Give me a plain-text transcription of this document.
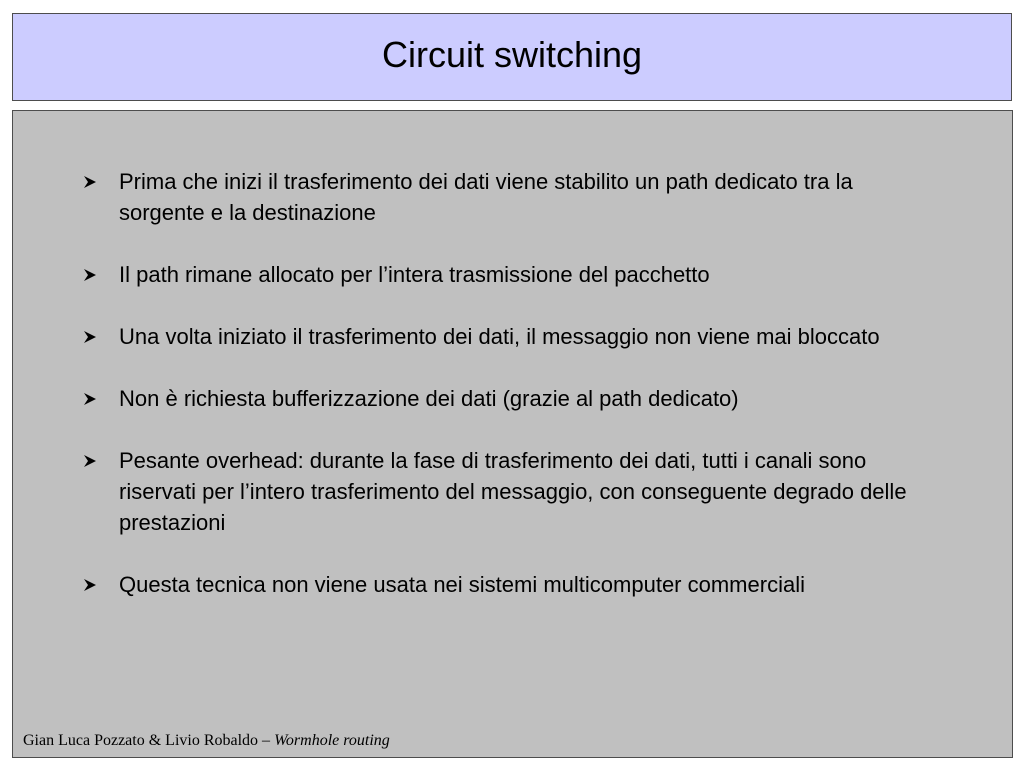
Circuit switching
Prima che inizi il trasferimento dei dati viene stabilito un path dedicato tra la sorgente e la destinazione
Il path rimane allocato per l’intera trasmissione del pacchetto
Una volta iniziato il trasferimento dei dati, il messaggio non viene mai bloccato
Non è richiesta bufferizzazione dei dati (grazie al path dedicato)
Pesante overhead: durante la fase di trasferimento dei dati, tutti i canali sono riservati per l’intero trasferimento del messaggio, con conseguente degrado delle prestazioni
Questa tecnica non viene usata nei sistemi multicomputer commerciali
Gian Luca Pozzato & Livio Robaldo – Wormhole routing
